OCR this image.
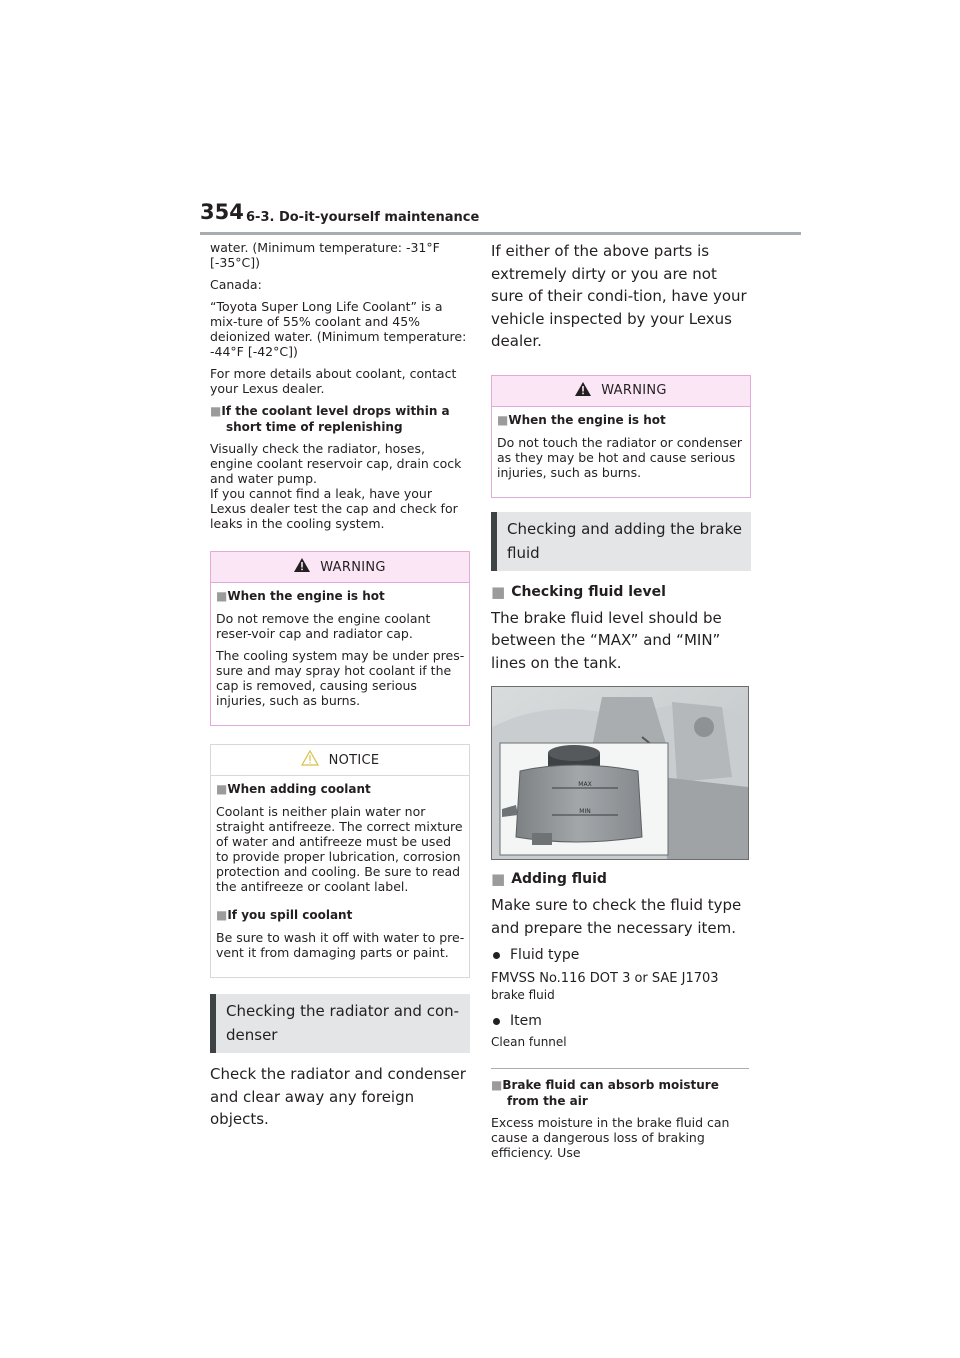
354 6-3. Do-it-yourself maintenance

water. (Minimum temperature: -31°F [-35°C])

Canada:

“Toyota Super Long Life Coolant” is a mix-ture of 55% coolant and 45% deionized water. (Minimum temperature: -44°F [-42°C])

For more details about coolant, contact your Lexus dealer.

■If the coolant level drops within a short time of replenishing

Visually check the radiator, hoses, engine coolant reservoir cap, drain cock and water pump.

If you cannot find a leak, have your Lexus dealer test the cap and check for leaks in the cooling system.

WARNING

■When the engine is hot

Do not remove the engine coolant reser-voir cap and radiator cap.

The cooling system may be under pres-sure and may spray hot coolant if the cap is removed, causing serious injuries, such as burns.

NOTICE

■When adding coolant

Coolant is neither plain water nor straight antifreeze. The correct mixture of water and antifreeze must be used to provide proper lubrication, corrosion protection and cooling. Be sure to read the antifreeze or coolant label.

■If you spill coolant

Be sure to wash it off with water to pre-vent it from damaging parts or paint.

Checking the radiator and con-denser

Check the radiator and condenser and clear away any foreign objects.

If either of the above parts is extremely dirty or you are not sure of their condi-tion, have your vehicle inspected by your Lexus dealer.

WARNING

■When the engine is hot

Do not touch the radiator or condenser as they may be hot and cause serious injuries, such as burns.

Checking and adding the brake fluid

■ Checking fluid level

The brake fluid level should be between the “MAX” and “MIN” lines on the tank.

MAX
MIN

■ Adding fluid

Make sure to check the fluid type and prepare the necessary item.

Fluid type

FMVSS No.116 DOT 3 or SAE J1703

brake fluid

Item

Clean funnel

■Brake fluid can absorb moisture from the air

Excess moisture in the brake fluid can cause a dangerous loss of braking efficiency. Use
